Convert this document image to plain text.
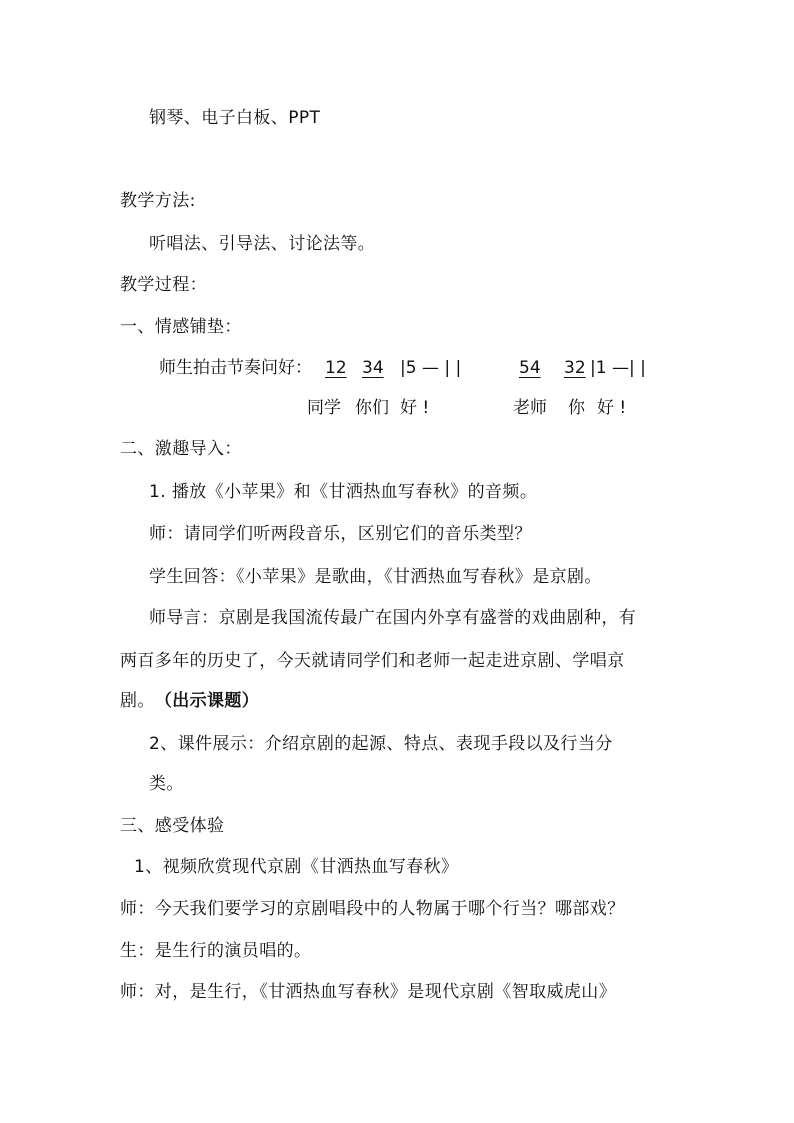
钢琴、电子白板、PPT
教学方法:
听唱法、引导法、讨论法等。
教学过程：
一、情感铺垫：
师生拍击节奏问好： 12 34 |5 — | |	54 32 |1 —| |
同学 你们 好 !	老师 你 好 !
二、激趣导入：
1. 播放《小苹果》和《甘洒热血写春秋》的音频。
师：请同学们听两段音乐，区别它们的音乐类型？
学生回答：《小苹果》是歌曲，《甘洒热血写春秋》是京剧。
师导言：京剧是我国流传最广在国内外享有盛誉的戏曲剧种，有
两百多年的历史了，今天就请同学们和老师一起走进京剧、学唱京
剧。（出示课题）
2、课件展示：介绍京剧的起源、特点、表现手段以及行当分
类。
三、感受体验
1、视频欣赏现代京剧《甘洒热血写春秋》
师：今天我们要学习的京剧唱段中的人物属于哪个行当？哪部戏？
生：是生行的演员唱的。
师：对，是生行，《甘洒热血写春秋》是现代京剧《智取威虎山》
